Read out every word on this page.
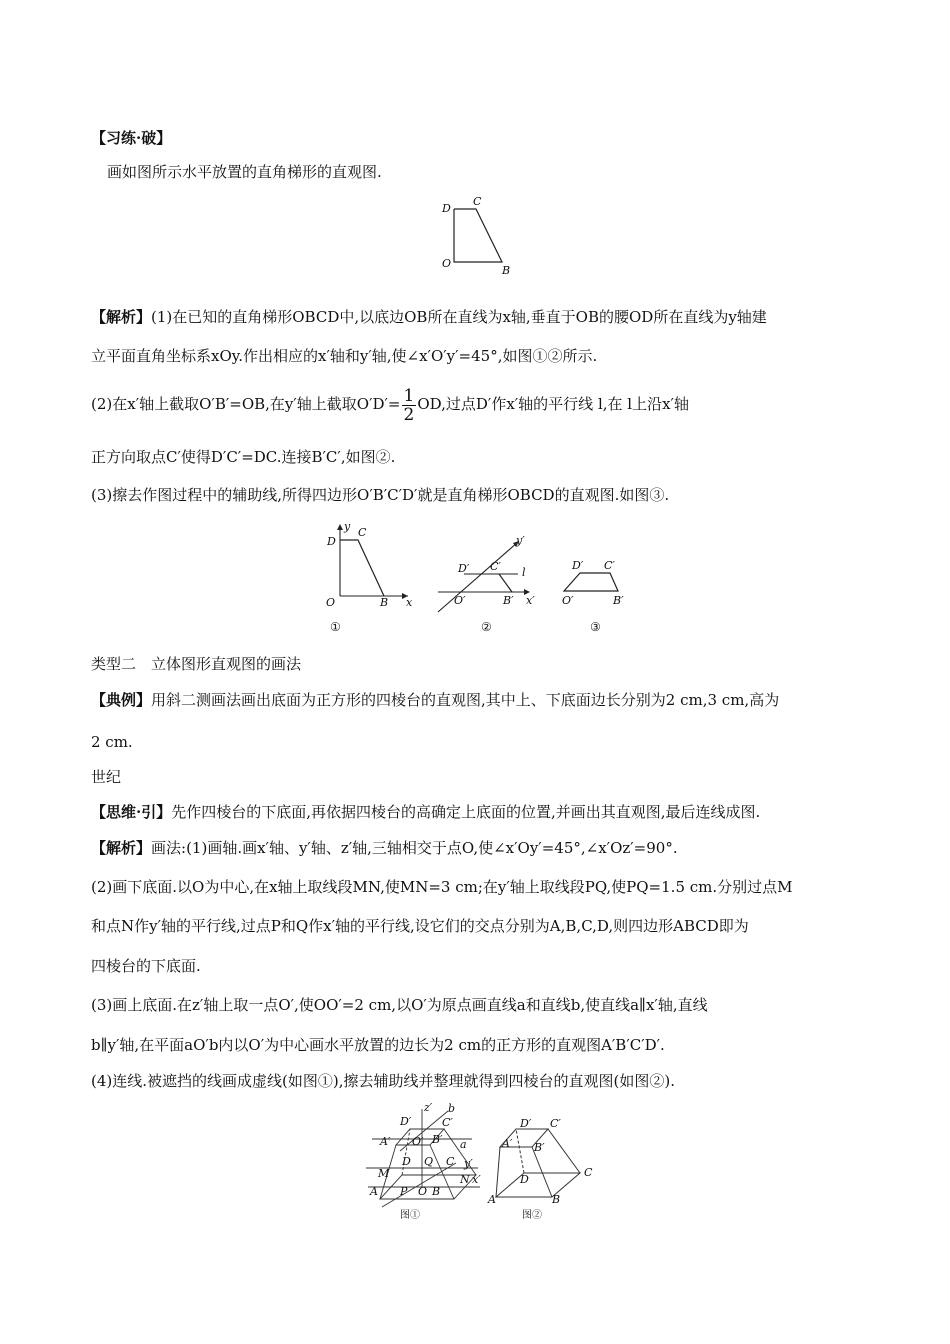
【习练·破】
画如图所示水平放置的直角梯形的直观图.
D
C
O
B
【解析】(1)在已知的直角梯形OBCD中,以底边OB所在直线为x轴,垂直于OB的腰OD所在直线为y轴建
立平面直角坐标系xOy.作出相应的x′轴和y′轴,使∠x′O′y′=45°,如图①②所示.
(2)在x′轴上截取O′B′=OB,在y′轴上截取$O'D'= \frac{1}{2}$ OD,过点D′作x′轴的平行线 l,在 l上沿x′轴
正方向取点C′使得D′C′=DC.连接B′C′,如图②.
(3)擦去作图过程中的辅助线,所得四边形O′B′C′D′就是直角梯形OBCD的直观图.如图③.
y
D
C
O	B x
①
y′
D′ C′ l
O′	B′ x′
②
D′ C′
O′	B′
③
类型二　立体图形直观图的画法
【典例】用斜二测画法画出底面为正方形的四棱台的直观图,其中上、下底面边长分别为2 cm,3 cm,高为
2 cm.
世纪
【思维·引】先作四棱台的下底面,再依据四棱台的高确定上底面的位置,并画出其直观图,最后连线成图.
【解析】画法:(1)画轴.画x′轴、y′轴、z′轴,三轴相交于点O,使∠x′Oy′=45°,∠x′Oz′=90°.
(2)画下底面.以O为中心,在x轴上取线段MN,使MN=3 cm;在y′轴上取线段PQ,使PQ=1.5 cm.分别过点M
和点N作y′轴的平行线,过点P和Q作x′轴的平行线,设它们的交点分别为A,B,C,D,则四边形ABCD即为
四棱台的下底面.
(3)画上底面.在z′轴上取一点O′,使OO′=2 cm,以O′为原点画直线a和直线b,使直线a∥x′轴,直线
b∥y′轴,在平面aO′b内以O′为中心画水平放置的边长为2 cm的正方形的直观图A′B′C′D′.
(4)连线.被遮挡的线画成虚线(如图①),擦去辅助线并整理就得到四棱台的直观图(如图②).
z′ b
D′	C′
A′ O′ B′ a
D Q C y′
M	N x′
A P O B
图①
A′
D′ C′
B′
D
C
A	B
图②
